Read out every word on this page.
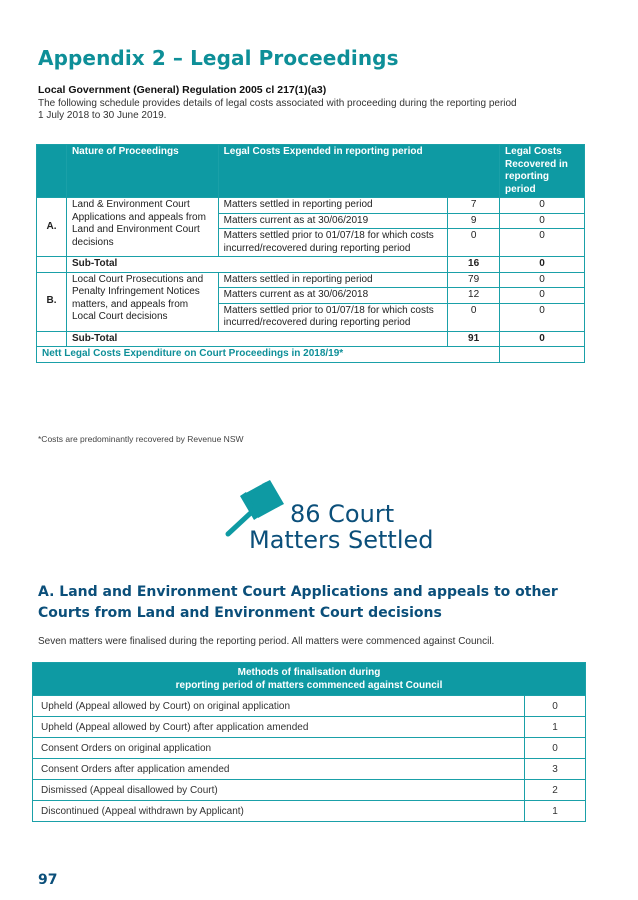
Appendix 2 – Legal Proceedings
Local Government (General) Regulation 2005 cl 217(1)(a3)
The following schedule provides details of legal costs associated with proceeding during the reporting period
1 July 2018 to 30 June 2019.
	Nature of Proceedings	Legal Costs Expended in reporting period		Legal Costs Recovered in reporting period
A.	Land & Environment Court Applications and appeals from Land and Environment Court decisions	Matters settled in reporting period	7	0
		Matters current as at 30/06/2019	9	0
		Matters settled prior to 01/07/18 for which costs incurred/recovered during reporting period	0	0
	Sub-Total		16	0
B.	Local Court Prosecutions and Penalty Infringement Notices matters, and appeals from Local Court decisions	Matters settled in reporting period	79	0
		Matters current as at 30/06/2018	12	0
		Matters settled prior to 01/07/18 for which costs incurred/recovered during reporting period	0	0
	Sub-Total		91	0
Nett Legal Costs Expenditure on Court Proceedings in 2018/19*				
*Costs are predominantly recovered by Revenue NSW
86 Court
Matters Settled
A. Land and Environment Court Applications and appeals to other Courts from Land and Environment Court decisions
Seven matters were finalised during the reporting period. All matters were commenced against Council.
Methods of finalisation during
reporting period of matters commenced against Council	

Upheld (Appeal allowed by Court) on original application	0
Upheld (Appeal allowed by Court) after application amended	1
Consent Orders on original application	0
Consent Orders after application amended	3
Dismissed (Appeal disallowed by Court)	2
Discontinued (Appeal withdrawn by Applicant)	1
97
